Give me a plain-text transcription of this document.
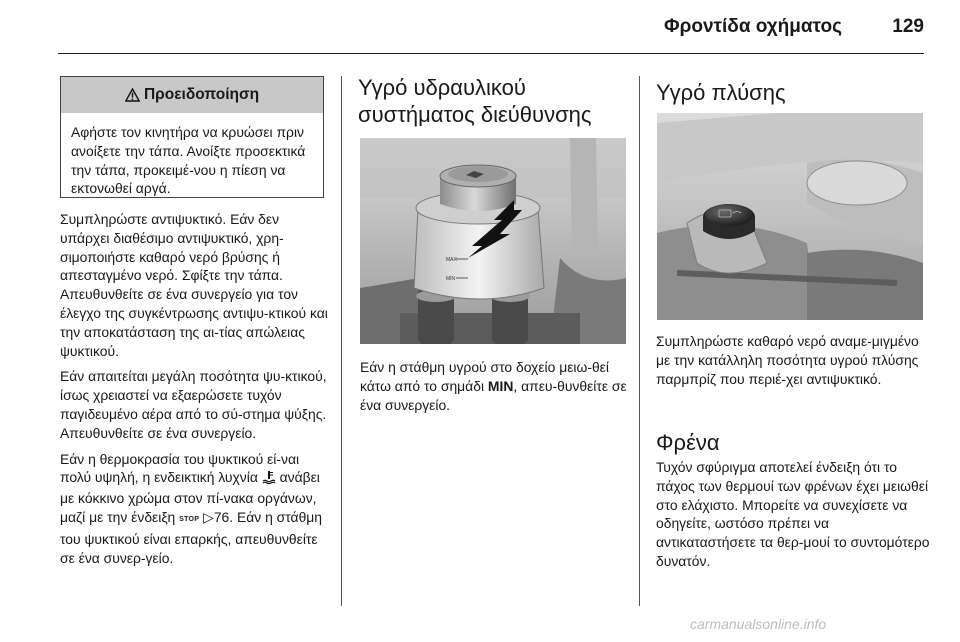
Φροντίδα οχήματος	129
Προειδοποίηση
Αφήστε τον κινητήρα να κρυώσει πριν ανοίξετε την τάπα. Ανοίξτε προσεκτικά την τάπα, προκειμέ-νου η πίεση να εκτονωθεί αργά.

Συμπληρώστε αντιψυκτικό. Εάν δεν υπάρχει διαθέσιμο αντιψυκτικό, χρη-σιμοποιήστε καθαρό νερό βρύσης ή απεσταγμένο νερό. Σφίξτε την τάπα. Απευθυνθείτε σε ένα συνεργείο για τον έλεγχο της συγκέντρωσης αντιψυ-κτικού και την αποκατάσταση της αι-τίας απώλειας ψυκτικού.

Εάν απαιτείται μεγάλη ποσότητα ψυ-κτικού, ίσως χρειαστεί να εξαερώσετε τυχόν παγιδευμένο αέρα από το σύ-στημα ψύξης. Απευθυνθείτε σε ένα συνεργείο.

Εάν η θερμοκρασία του ψυκτικού εί-ναι πολύ υψηλή, η ενδεικτική λυχνία ανάβει με κόκκινο χρώμα στον πί-νακα οργάνων, μαζί με την ένδειξη STOP ▷76. Εάν η στάθμη του ψυκτικού είναι επαρκής, απευθυνθείτε σε ένα συνερ-γείο.

Υγρό υδραυλικού συστήματος διεύθυνσης
MAX
MIN
Εάν η στάθμη υγρού στο δοχείο μειω-θεί κάτω από το σημάδι MIN, απευ-θυνθείτε σε ένα συνεργείο.
Υγρό πλύσης
Συμπληρώστε καθαρό νερό αναμε-μιγμένο με την κατάλληλη ποσότητα υγρού πλύσης παρμπρίζ που περιέ-χει αντιψυκτικό.
Φρένα
Τυχόν σφύριγμα αποτελεί ένδειξη ότι το πάχος των θερμουί των φρένων έχει μειωθεί στο ελάχιστο. Μπορείτε να συνεχίσετε να οδηγείτε, ωστόσο πρέπει να αντικαταστήσετε τα θερ-μουί το συντομότερο δυνατόν.
carmanualsonline.info
